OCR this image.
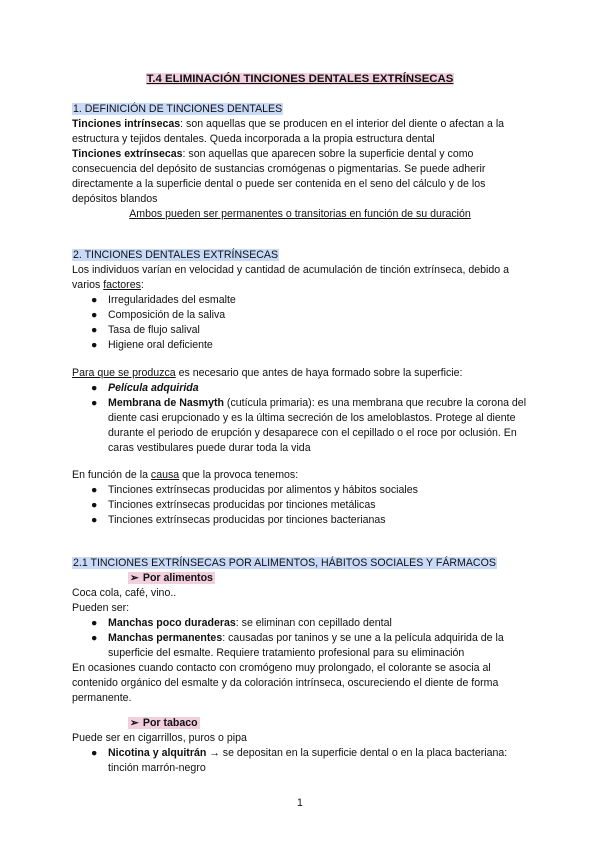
T.4 ELIMINACIÓN TINCIONES DENTALES EXTRÍNSECAS

1. DEFINICIÓN DE TINCIONES DENTALES

Tinciones intrínsecas: son aquellas que se producen en el interior del diente o afectan a la estructura y tejidos dentales. Queda incorporada a la propia estructura dental

Tinciones extrínsecas: son aquellas que aparecen sobre la superficie dental y como consecuencia del depósito de sustancias cromógenas o pigmentarias. Se puede adherir directamente a la superficie dental o puede ser contenida en el seno del cálculo y de los depósitos blandos

Ambos pueden ser permanentes o transitorias en función de su duración

2. TINCIONES DENTALES EXTRÍNSECAS

Los individuos varían en velocidad y cantidad de acumulación de tinción extrínseca, debido a varios factores:

● Irregularidades del esmalte
● Composición de la saliva
● Tasa de flujo salival
● Higiene oral deficiente

Para que se produzca es necesario que antes de haya formado sobre la superficie:

● Película adquirida
● Membrana de Nasmyth (cutícula primaria): es una membrana que recubre la corona del diente casi erupcionado y es la última secreción de los ameloblastos. Protege al diente durante el periodo de erupción y desaparece con el cepillado o el roce por oclusión. En caras vestibulares puede durar toda la vida

En función de la causa que la provoca tenemos:

● Tinciones extrínsecas producidas por alimentos y hábitos sociales
● Tinciones extrínsecas producidas por tinciones metálicas
● Tinciones extrínsecas producidas por tinciones bacterianas

2.1 TINCIONES EXTRÍNSECAS POR ALIMENTOS, HÁBITOS SOCIALES Y FÁRMACOS

➢ Por alimentos

Coca cola, café, vino..

Pueden ser:

● Manchas poco duraderas: se eliminan con cepillado dental
● Manchas permanentes: causadas por taninos y se une a la película adquirida de la superficie del esmalte. Requiere tratamiento profesional para su eliminación

En ocasiones cuando contacto con cromógeno muy prolongado, el colorante se asocia al contenido orgánico del esmalte y da coloración intrínseca, oscureciendo el diente de forma permanente.

➢ Por tabaco

Puede ser en cigarrillos, puros o pipa

● Nicotina y alquitrán → se depositan en la superficie dental o en la placa bacteriana: tinción marrón-negro
1
